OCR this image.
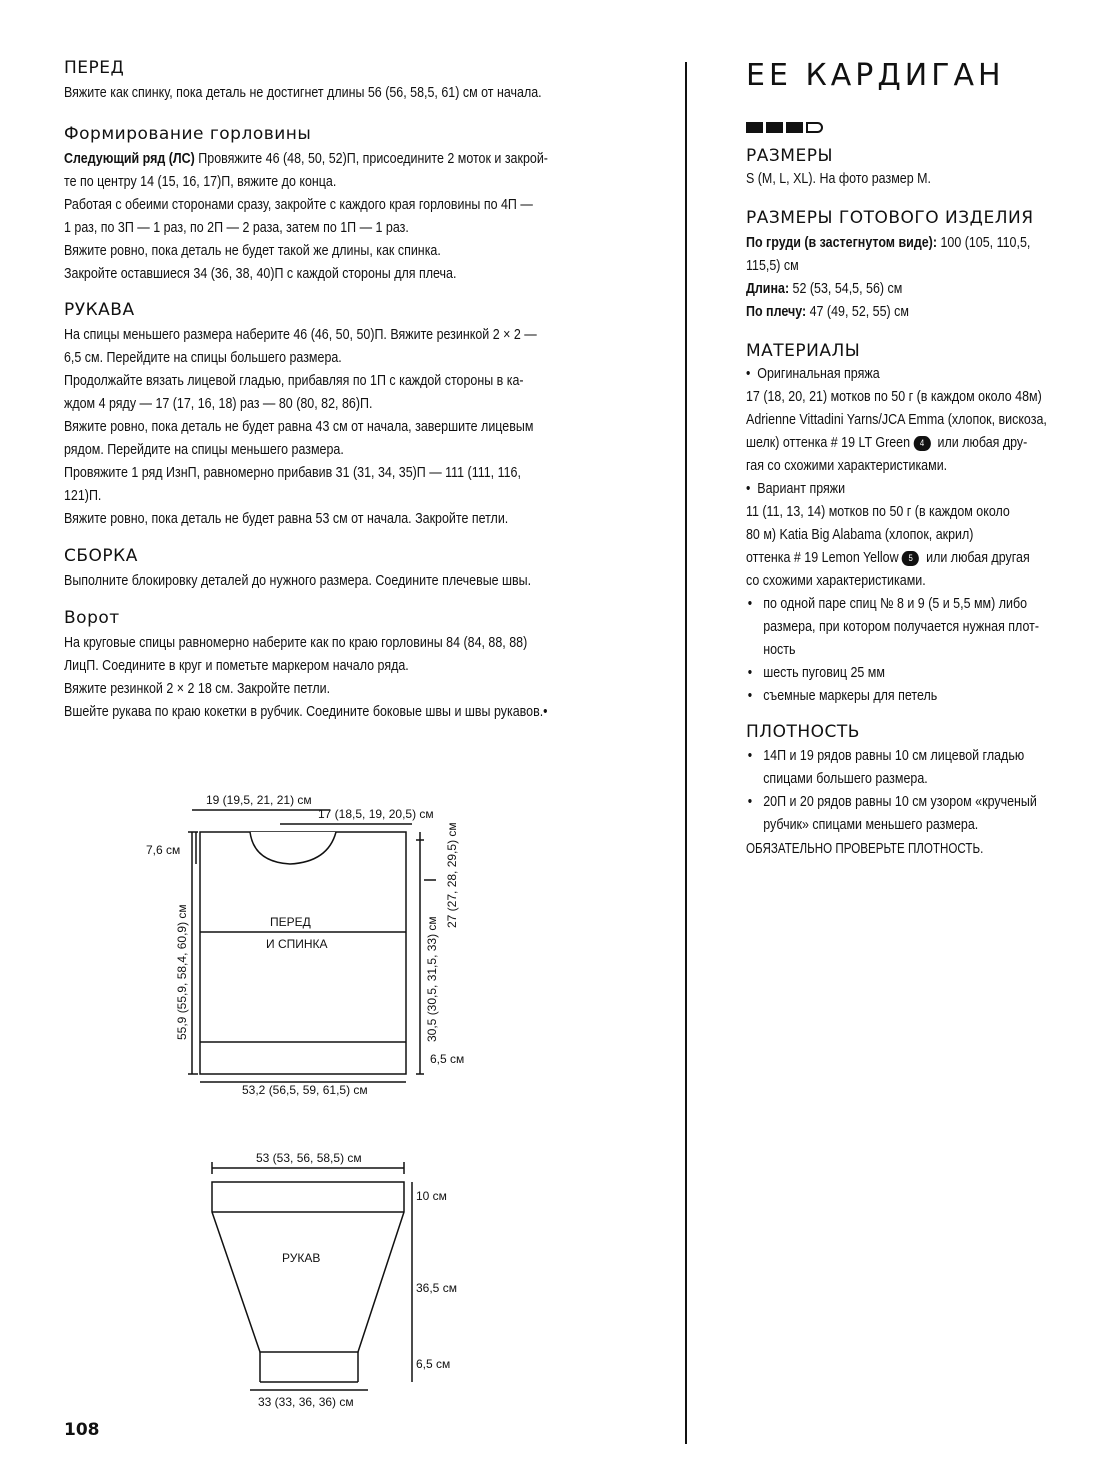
ПЕРЕД

Вяжите как спинку, пока деталь не достигнет длины 56 (56, 58,5, 61) см от начала.

Формирование горловины

Следующий ряд (ЛС) Провяжите 46 (48, 50, 52)П, присоедините 2 моток и закрой-

те по центру 14 (15, 16, 17)П, вяжите до конца.

Работая с обеими сторонами сразу, закройте с каждого края горловины по 4П —

1 раз, по 3П — 1 раз, по 2П — 2 раза, затем по 1П — 1 раз.

Вяжите ровно, пока деталь не будет такой же длины, как спинка.

Закройте оставшиеся 34 (36, 38, 40)П с каждой стороны для плеча.

РУКАВА

На спицы меньшего размера наберите 46 (46, 50, 50)П. Вяжите резинкой 2 × 2 —

6,5 см. Перейдите на спицы большего размера.

Продолжайте вязать лицевой гладью, прибавляя по 1П с каждой стороны в ка-

ждом 4 ряду — 17 (17, 16, 18) раз — 80 (80, 82, 86)П.

Вяжите ровно, пока деталь не будет равна 43 см от начала, завершите лицевым

рядом. Перейдите на спицы меньшего размера.

Провяжите 1 ряд ИзнП, равномерно прибавив 31 (31, 34, 35)П — 111 (111, 116,

121)П.

Вяжите ровно, пока деталь не будет равна 53 см от начала. Закройте петли.

СБОРКА

Выполните блокировку деталей до нужного размера. Соедините плечевые швы.

Ворот

На круговые спицы равномерно наберите как по краю горловины 84 (84, 88, 88)

ЛицП. Соедините в круг и пометьте маркером начало ряда.

Вяжите резинкой 2 × 2 18 см. Закройте петли.

Вшейте рукава по краю кокетки в рубчик. Соедините боковые швы и швы рукавов.•

19 (19,5, 21, 21) см
17 (18,5, 19, 20,5) см
7,6 см
ПЕРЕД
И СПИНКА
55,9 (55,9, 58,4, 60,9) см
27 (27, 28, 29,5) см
30,5 (30,5, 31,5, 33) см
6,5 см
53,2 (56,5, 59, 61,5) см
53 (53, 56, 58,5) см
10 см
РУКАВ
36,5 см
6,5 см
33 (33, 36, 36) см
108
ЕЕ КАРДИГАН
РАЗМЕРЫ

S (M, L, XL). На фото размер M.

РАЗМЕРЫ ГОТОВОГО ИЗДЕЛИЯ

По груди (в застегнутом виде): 100 (105, 110,5,

115,5) см

Длина: 52 (53, 54,5, 56) см

По плечу: 47 (49, 52, 55) см

МАТЕРИАЛЫ

•  Оригинальная пряжа

17 (18, 20, 21) мотков по 50 г (в каждом около 48м)

Adrienne Vittadini Yarns/JCA Emma (хлопок, вискоза,

шелк) оттенка # 19 LT Green 4 или любая дру-

гая со схожими характеристиками.

•  Вариант пряжи

11 (11, 13, 14) мотков по 50 г (в каждом около

80 м) Katia Big Alabama (хлопок, акрил)

оттенка # 19 Lemon Yellow 5 или любая другая

со схожими характеристиками.

• по одной паре спиц № 8 и 9 (5 и 5,5 мм) либо размера, при котором получается нужная плот-ность
• шесть пуговиц 25 мм
• съемные маркеры для петель
ПЛОТНОСТЬ
• 14П и 19 рядов равны 10 см лицевой гладью спицами большего размера.
• 20П и 20 рядов равны 10 см узором «крученый рубчик» спицами меньшего размера.

ОБЯЗАТЕЛЬНО ПРОВЕРЬТЕ ПЛОТНОСТЬ.
